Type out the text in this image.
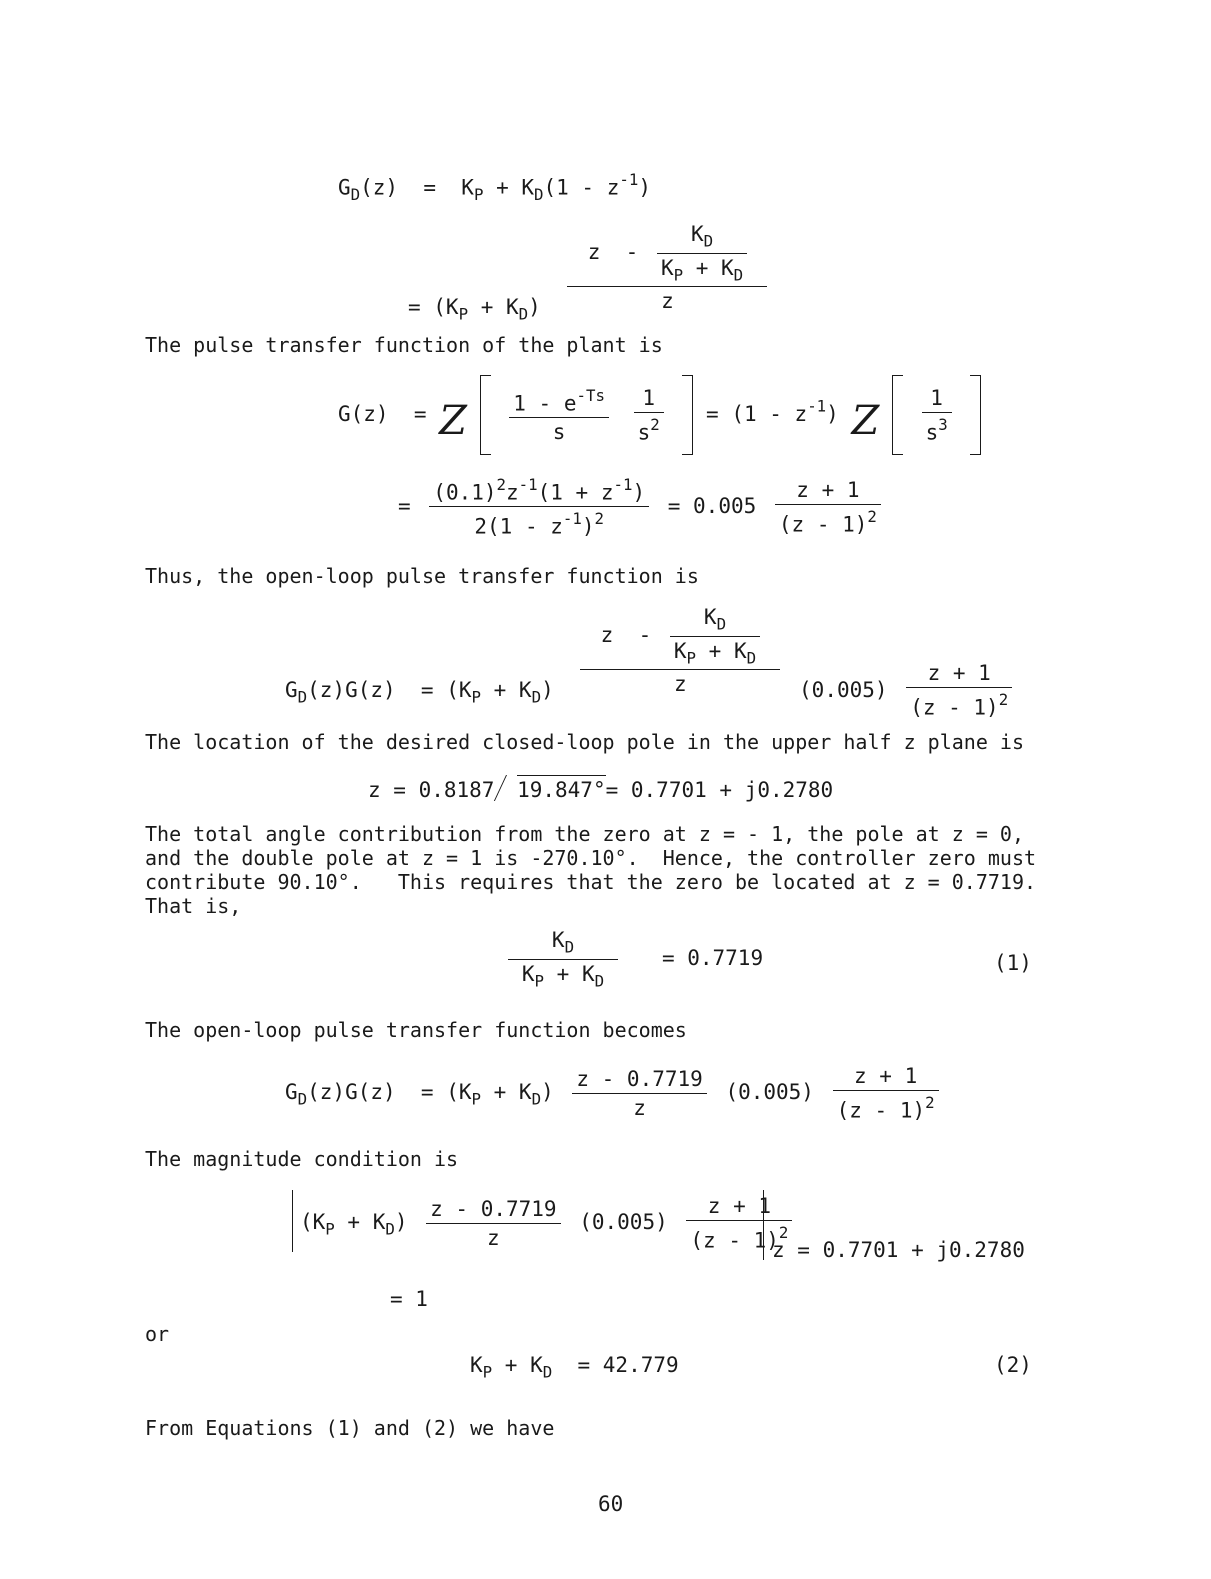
$G_D(z) = K_P + K_D(1 - z^{-1})$
= $(K_P + K_D) \frac{z - \frac{K_D}{K_P + K_D}}{z}$
The pulse transfer function of the plant is
G(z)  = Z $\frac{1 - e^{-Ts}}{s}$
$\frac{1}{s^2} = (1 - z^{-1})$ Z $\frac{1}{s^3}$

= $\frac{(0.1)^2z^{-1}(1 + z^{-1})}{2(1 - z^{-1})^2} = 0.005 \frac{z + 1}{(z - 1)^2}$
Thus, the open-loop pulse transfer function is
$G_D(z)G(z) = (K_P + K_D) \frac{z - \frac{K_D}{K_P + K_D}}{z} (0.005) \frac{z + 1}{(z - 1)^2}$
The location of the desired closed-loop pole in the upper half z plane is
z = 0.8187 19.847°= 0.7701 + j0.2780
The total angle contribution from the zero at z = - 1, the pole at z = 0,
and the double pole at z = 1 is -270.10°.  Hence, the controller zero must
contribute 90.10°.   This requires that the zero be located at z = 0.7719.
That is,
$\frac{K_D}{K_P + K_D} = 0.7719$	(1)
The open-loop pulse transfer function becomes
$G_D(z)G(z) = (K_P + K_D) \frac{z - 0.7719}{z} (0.005) \frac{z + 1}{(z - 1)^2}$
The magnitude condition is
$(K_P + K_D) \frac{z - 0.7719}{z} (0.005) \frac{z + 1}{(z - 1)^2}$
z = 0.7701 + j0.2780
= 1
or
$K_P + K_D = 42.779$	(2)
From Equations (1) and (2) we have
60
